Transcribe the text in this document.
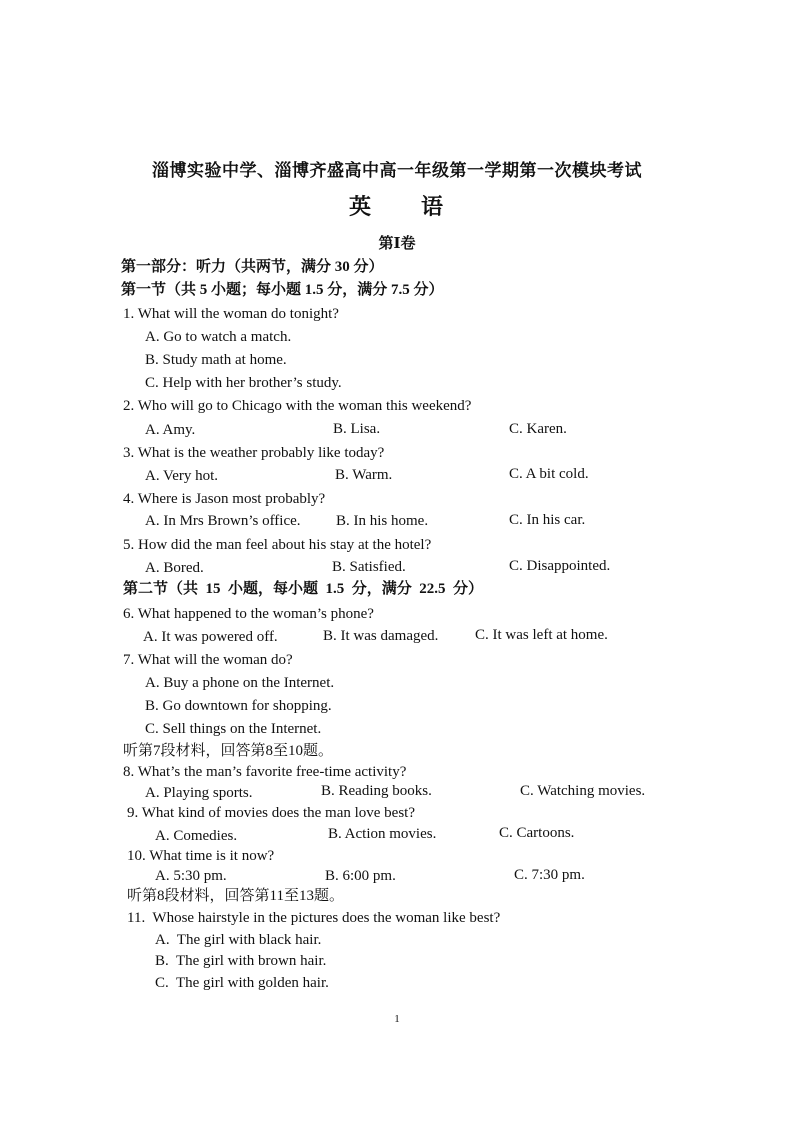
淄博实验中学、淄博齐盛高中高一年级第一学期第一次模块考试
英 语
第Ⅰ卷
第一部分：听力（共两节，满分 30 分）
第一节（共 5 小题；每小题 1.5 分，满分 7.5 分）
1. What will the woman do tonight?
A. Go to watch a match.
B. Study math at home.
C. Help with her brother’s study.
2. Who will go to Chicago with the woman this weekend?
A. Amy.	B. Lisa.	C. Karen.
3. What is the weather probably like today?
A. Very hot.	B. Warm.	C. A bit cold.
4. Where is Jason most probably?
A. In Mrs Brown’s office. B. In his home.	C. In his car.
5. How did the man feel about his stay at the hotel?
A. Bored.	B. Satisfied.	C. Disappointed.
第二节（共  15  小题，每小题  1.5  分，满分  22.5  分）
6. What happened to the woman’s phone?
A. It was powered off.	B. It was damaged. C. It was left at home.
7. What will the woman do?
A. Buy a phone on the Internet.
B. Go downtown for shopping.
C. Sell things on the Internet.
听第7段材料，回答第8至10题。
8. What’s the man’s favorite free-time activity?
A. Playing sports.	B. Reading books.	C. Watching movies.
9. What kind of movies does the man love best?
A. Comedies.	B. Action movies.	C. Cartoons.
10. What time is it now?
A. 5:30 pm.	B. 6:00 pm.	C. 7:30 pm.
听第8段材料，回答第11至13题。
11.  Whose hairstyle in the pictures does the woman like best?
A.  The girl with black hair.
B.  The girl with brown hair.
C.  The girl with golden hair.
1
